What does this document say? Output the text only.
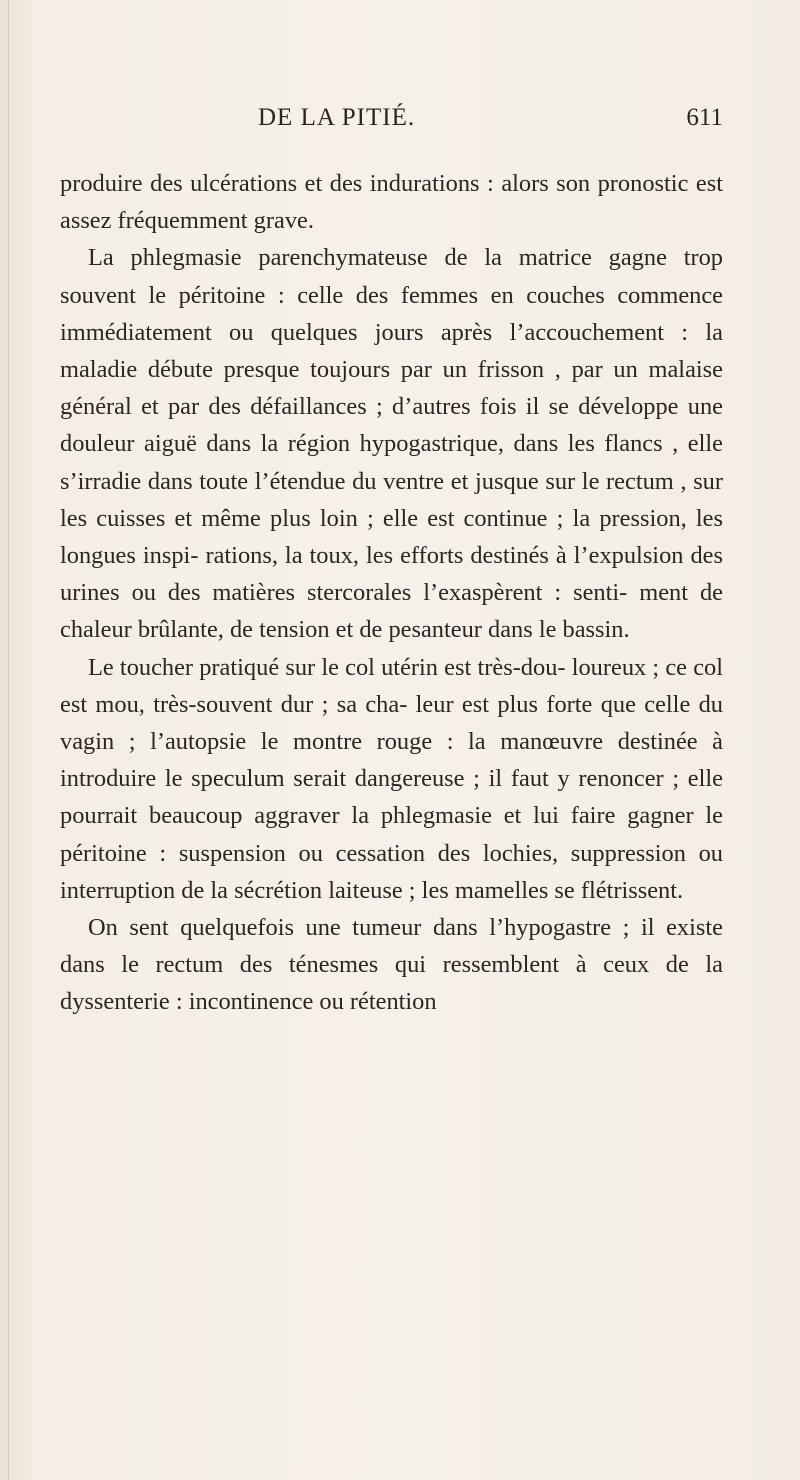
DE LA PITIÉ.	611

produire des ulcérations et des indurations : alors son pronostic est assez fréquemment grave.

La phlegmasie parenchymateuse de la matrice gagne trop souvent le péritoine : celle des femmes en couches commence immédiatement ou quelques jours après l’accouchement : la maladie débute presque toujours par un frisson , par un malaise général et par des défaillances ; d’autres fois il se développe une douleur aiguë dans la région hypogastrique, dans les flancs , elle s’irradie dans toute l’étendue du ventre et jusque sur le rectum , sur les cuisses et même plus loin ; elle est continue ; la pression, les longues inspi- rations, la toux, les efforts destinés à l’expulsion des urines ou des matières stercorales l’exaspèrent : senti- ment de chaleur brûlante, de tension et de pesanteur dans le bassin.

Le toucher pratiqué sur le col utérin est très-dou- loureux ; ce col est mou, très-souvent dur ; sa cha- leur est plus forte que celle du vagin ; l’autopsie le montre rouge : la manœuvre destinée à introduire le speculum serait dangereuse ; il faut y renoncer ; elle pourrait beaucoup aggraver la phlegmasie et lui faire gagner le péritoine : suspension ou cessation des lochies, suppression ou interruption de la sécrétion laiteuse ; les mamelles se flétrissent.

On sent quelquefois une tumeur dans l’hypogastre ; il existe dans le rectum des ténesmes qui ressemblent à ceux de la dyssenterie : incontinence ou rétention
